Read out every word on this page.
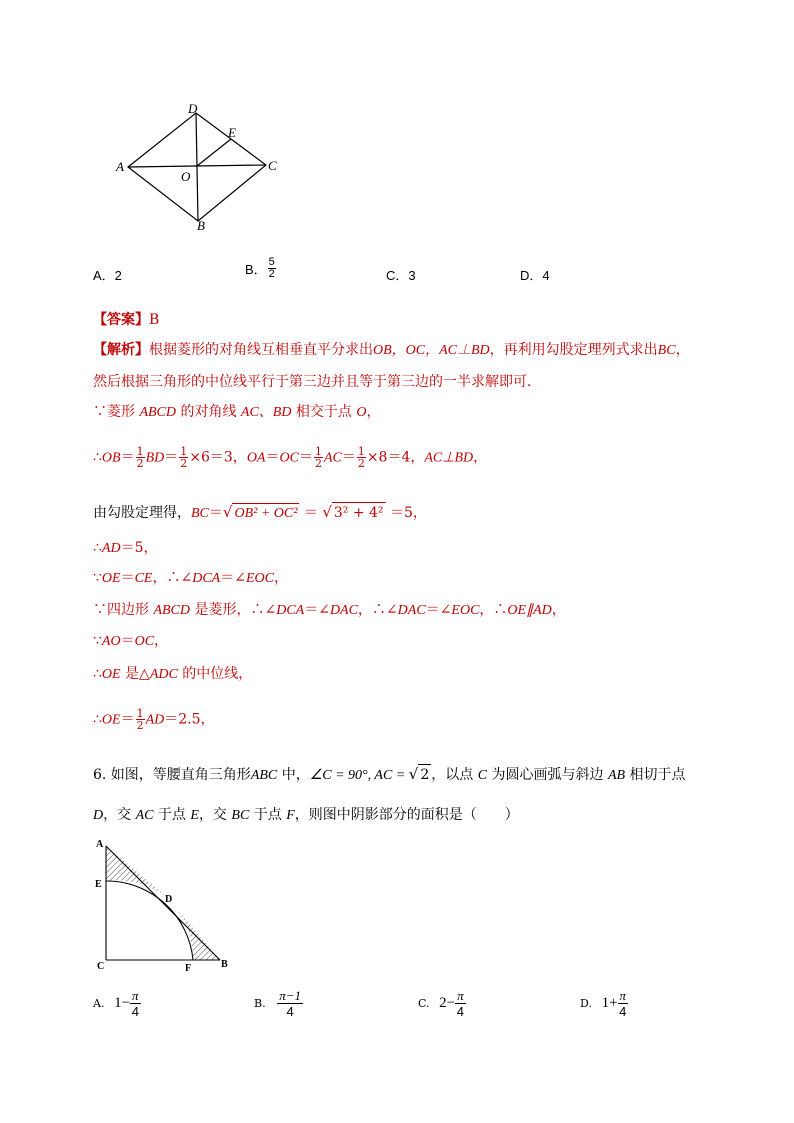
D
E
A	C
O
B
A．2	B． $\frac{5}{2}$	C．3	D．4
【答案】B
【解析】根据菱形的对角线互相垂直平分求出OB，OC，AC⊥BD，再利用勾股定理列式求出BC，
然后根据三角形的中位线平行于第三边并且等于第三边的一半求解即可．
∵菱形 ABCD 的对角线 AC、BD 相交于点 O，
∴OB＝ $\frac{1}{2} BD= \frac{1}{2} \times 6=3$，$OA=OC= \frac{1}{2} AC= \frac{1}{2} \times 8=4$，AC⊥BD，
由勾股定理得，BC＝√ OB² + OC² ＝ √ 3² + 4² ＝5，
∴AD＝5，
∵OE＝CE，∴∠DCA＝∠EOC，
∵四边形 ABCD 是菱形，∴∠DCA＝∠DAC，∴∠DAC＝∠EOC，∴OE∥AD，
∵AO＝OC，
∴OE 是△ADC 的中位线，
∴OE＝ $\frac{1}{2} AD=2.5$，
6. 如图，等腰直角三角形ABC 中，∠C = 90°, AC = √ 2 ，以点 C 为圆心画弧与斜边 AB 相切于点
D，交 AC 于点 E，交 BC 于点 F，则图中阴影部分的面积是（　　）
A
E
D
C	F	B
A. $1- \frac{\pi}{4}$	B. $\frac{\pi-1}{4}$	C. $2- \frac{\pi}{4}$	D. $1+ \frac{\pi}{4}$
